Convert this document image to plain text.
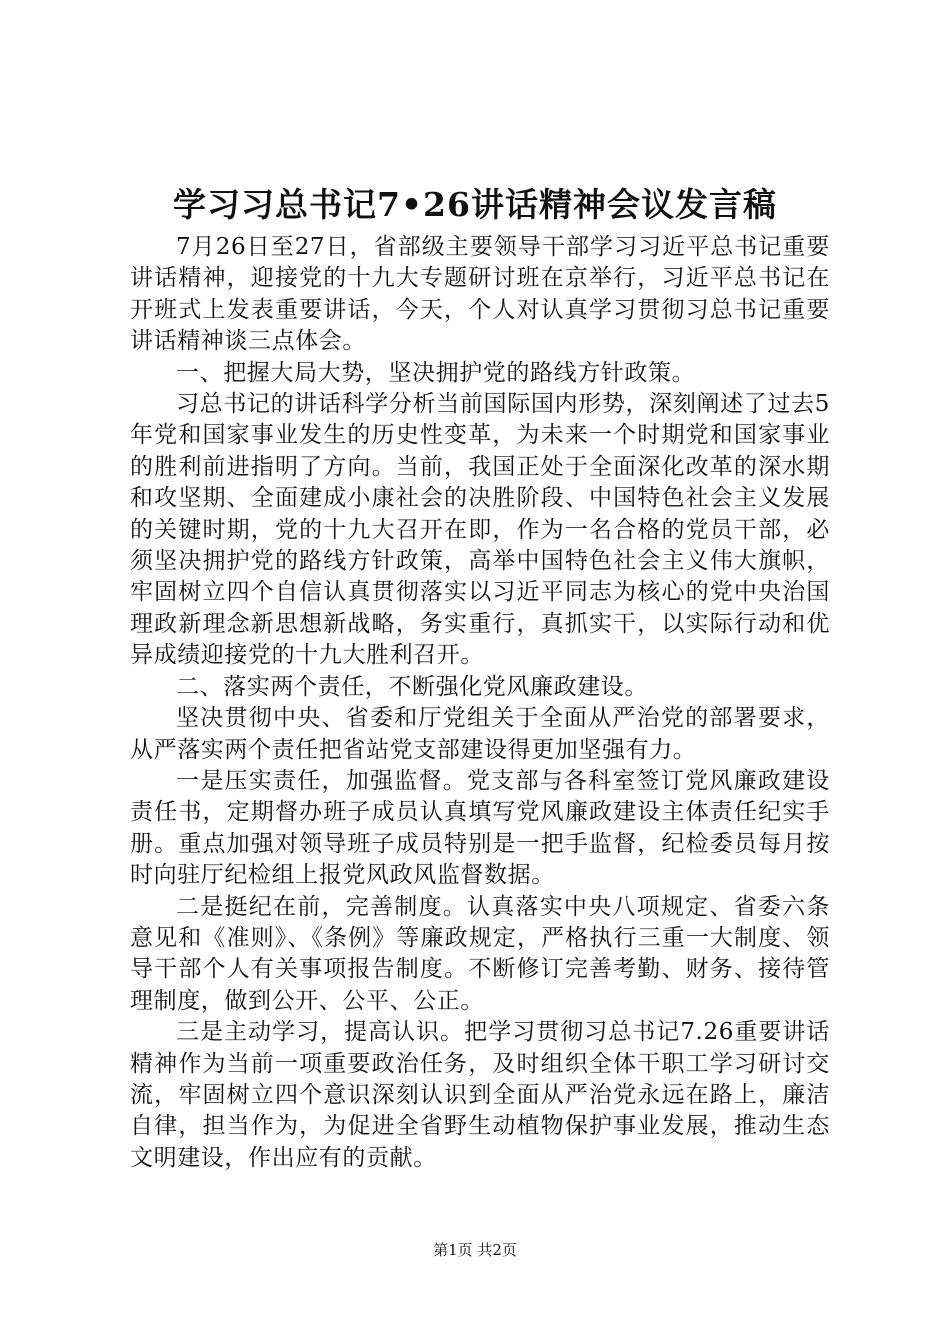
学习习总书记7•26讲话精神会议发言稿

7月26日至27日，省部级主要领导干部学习习近平总书记重要讲话精神，迎接党的十九大专题研讨班在京举行，习近平总书记在开班式上发表重要讲话，今天，个人对认真学习贯彻习总书记重要讲话精神谈三点体会。

一、把握大局大势，坚决拥护党的路线方针政策。

习总书记的讲话科学分析当前国际国内形势，深刻阐述了过去5年党和国家事业发生的历史性变革，为未来一个时期党和国家事业的胜利前进指明了方向。当前，我国正处于全面深化改革的深水期和攻坚期、全面建成小康社会的决胜阶段、中国特色社会主义发展的关键时期，党的十九大召开在即，作为一名合格的党员干部，必须坚决拥护党的路线方针政策，高举中国特色社会主义伟大旗帜，牢固树立四个自信认真贯彻落实以习近平同志为核心的党中央治国理政新理念新思想新战略，务实重行，真抓实干，以实际行动和优异成绩迎接党的十九大胜利召开。

二、落实两个责任，不断强化党风廉政建设。

坚决贯彻中央、省委和厅党组关于全面从严治党的部署要求，从严落实两个责任把省站党支部建设得更加坚强有力。

一是压实责任，加强监督。党支部与各科室签订党风廉政建设责任书，定期督办班子成员认真填写党风廉政建设主体责任纪实手册。重点加强对领导班子成员特别是一把手监督，纪检委员每月按时向驻厅纪检组上报党风政风监督数据。

二是挺纪在前，完善制度。认真落实中央八项规定、省委六条意见和《准则》、《条例》等廉政规定，严格执行三重一大制度、领导干部个人有关事项报告制度。不断修订完善考勤、财务、接待管理制度，做到公开、公平、公正。

三是主动学习，提高认识。把学习贯彻习总书记7.26重要讲话精神作为当前一项重要政治任务，及时组织全体干职工学习研讨交流，牢固树立四个意识深刻认识到全面从严治党永远在路上，廉洁自律，担当作为，为促进全省野生动植物保护事业发展，推动生态文明建设，作出应有的贡献。

第1页 共2页
